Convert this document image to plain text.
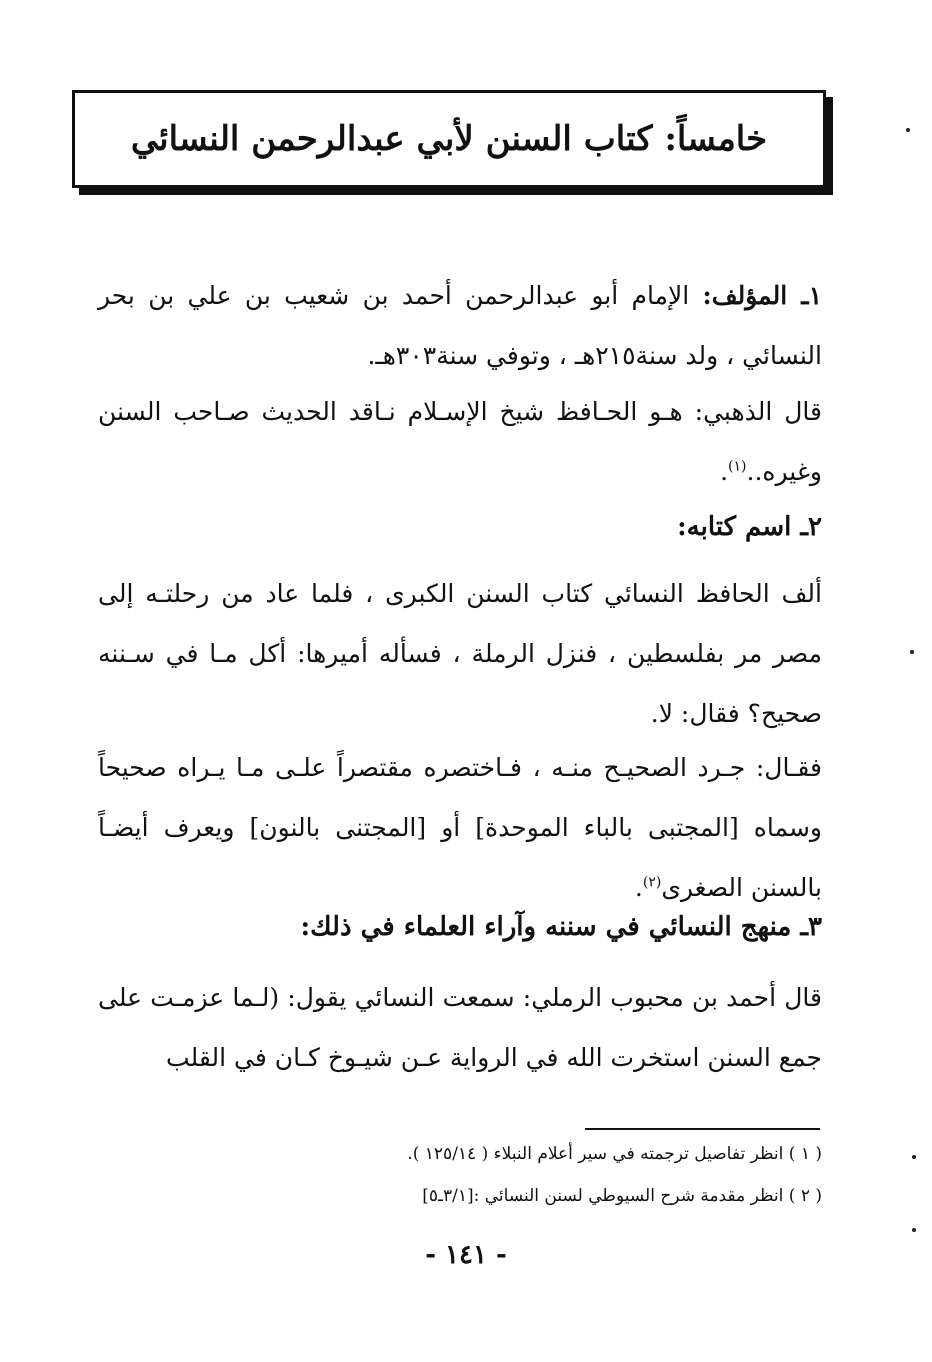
خامساً: كتاب السنن لأبي عبدالرحمن النسائي
١ـ المؤلف: الإمام أبو عبدالرحمن أحمد بن شعيب بن علي بن بحر النسائي ، ولد سنة٢١٥هـ ، وتوفي سنة٣٠٣هـ.
قال الذهبي: هـو الحـافظ شيخ الإسـلام نـاقد الحديث صـاحب السنن وغيره..$^{(١)}$.
٢ـ اسم كتابه:
ألف الحافظ النسائي كتاب السنن الكبرى ، فلما عاد من رحلتـه إلى مصر مر بفلسطين ، فنزل الرملة ، فسأله أميرها: أكل مـا في سـننه صحيح؟ فقال: لا.
فقـال: جـرد الصحيـح منـه ، فـاختصره مقتصراً علـى مـا يـراه صحيحاً وسماه [المجتبى بالباء الموحدة] أو [المجتنى بالنون] ويعرف أيضـاً بالسنن الصغرى$^{(٢)}$.
٣ـ منهج النسائي في سننه وآراء العلماء في ذلك:
قال أحمد بن محبوب الرملي: سمعت النسائي يقول: (لـما عزمـت على جمع السنن استخرت الله في الرواية عـن شيـوخ كـان في القلب
( ١ ) انظر تفاصيل ترجمته في سير أعلام النبلاء ( ١٢٥/١٤ ).
( ٢ ) انظر مقدمة شرح السيوطي لسنن النسائي :[٣/١ـ٥]
- ١٤١ -
